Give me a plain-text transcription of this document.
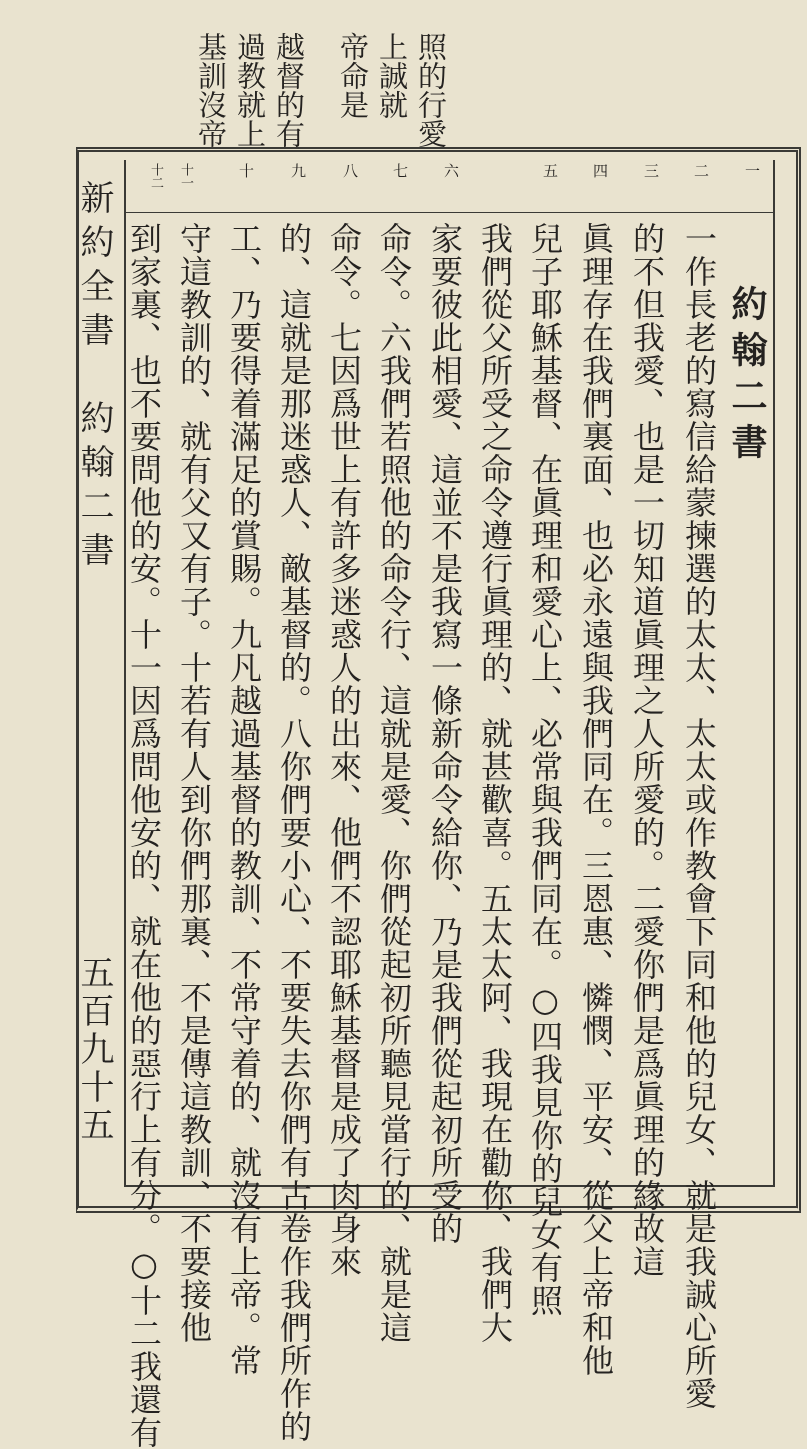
照的行愛
上誠就
帝命是
越督的有
過教就上
基訓沒帝
新約全書　約翰二書
五百九十五
一
二
三
四
五
六
七
八
九
十
十一
十二
約翰二書
一作長老的寫信給蒙揀選的太太、太太或作教會下同和他的兒女、就是我誠心所愛
的不但我愛、也是一切知道眞理之人所愛的。二愛你們是爲眞理的緣故這
眞理存在我們裏面、也必永遠與我們同在。三恩惠、憐憫、平安、從父上帝和他
兒子耶穌基督、在眞理和愛心上、必常與我們同在。○四我見你的兒女有照
我們從父所受之命令遵行眞理的、就甚歡喜。五太太阿、我現在勸你、我們大
家要彼此相愛、這並不是我寫一條新命令給你、乃是我們從起初所受的
命令。六我們若照他的命令行、這就是愛、你們從起初所聽見當行的、就是這
命令。七因爲世上有許多迷惑人的出來、他們不認耶穌基督是成了肉身來
的、這就是那迷惑人、敵基督的。八你們要小心、不要失去你們有古卷作我們所作的
工、乃要得着滿足的賞賜。九凡越過基督的教訓、不常守着的、就沒有上帝。常
守這教訓的、就有父又有子。十若有人到你們那裏、不是傳這教訓、不要接他
到家裏、也不要問他的安。十一因爲問他安的、就在他的惡行上有分。○十二我還有
